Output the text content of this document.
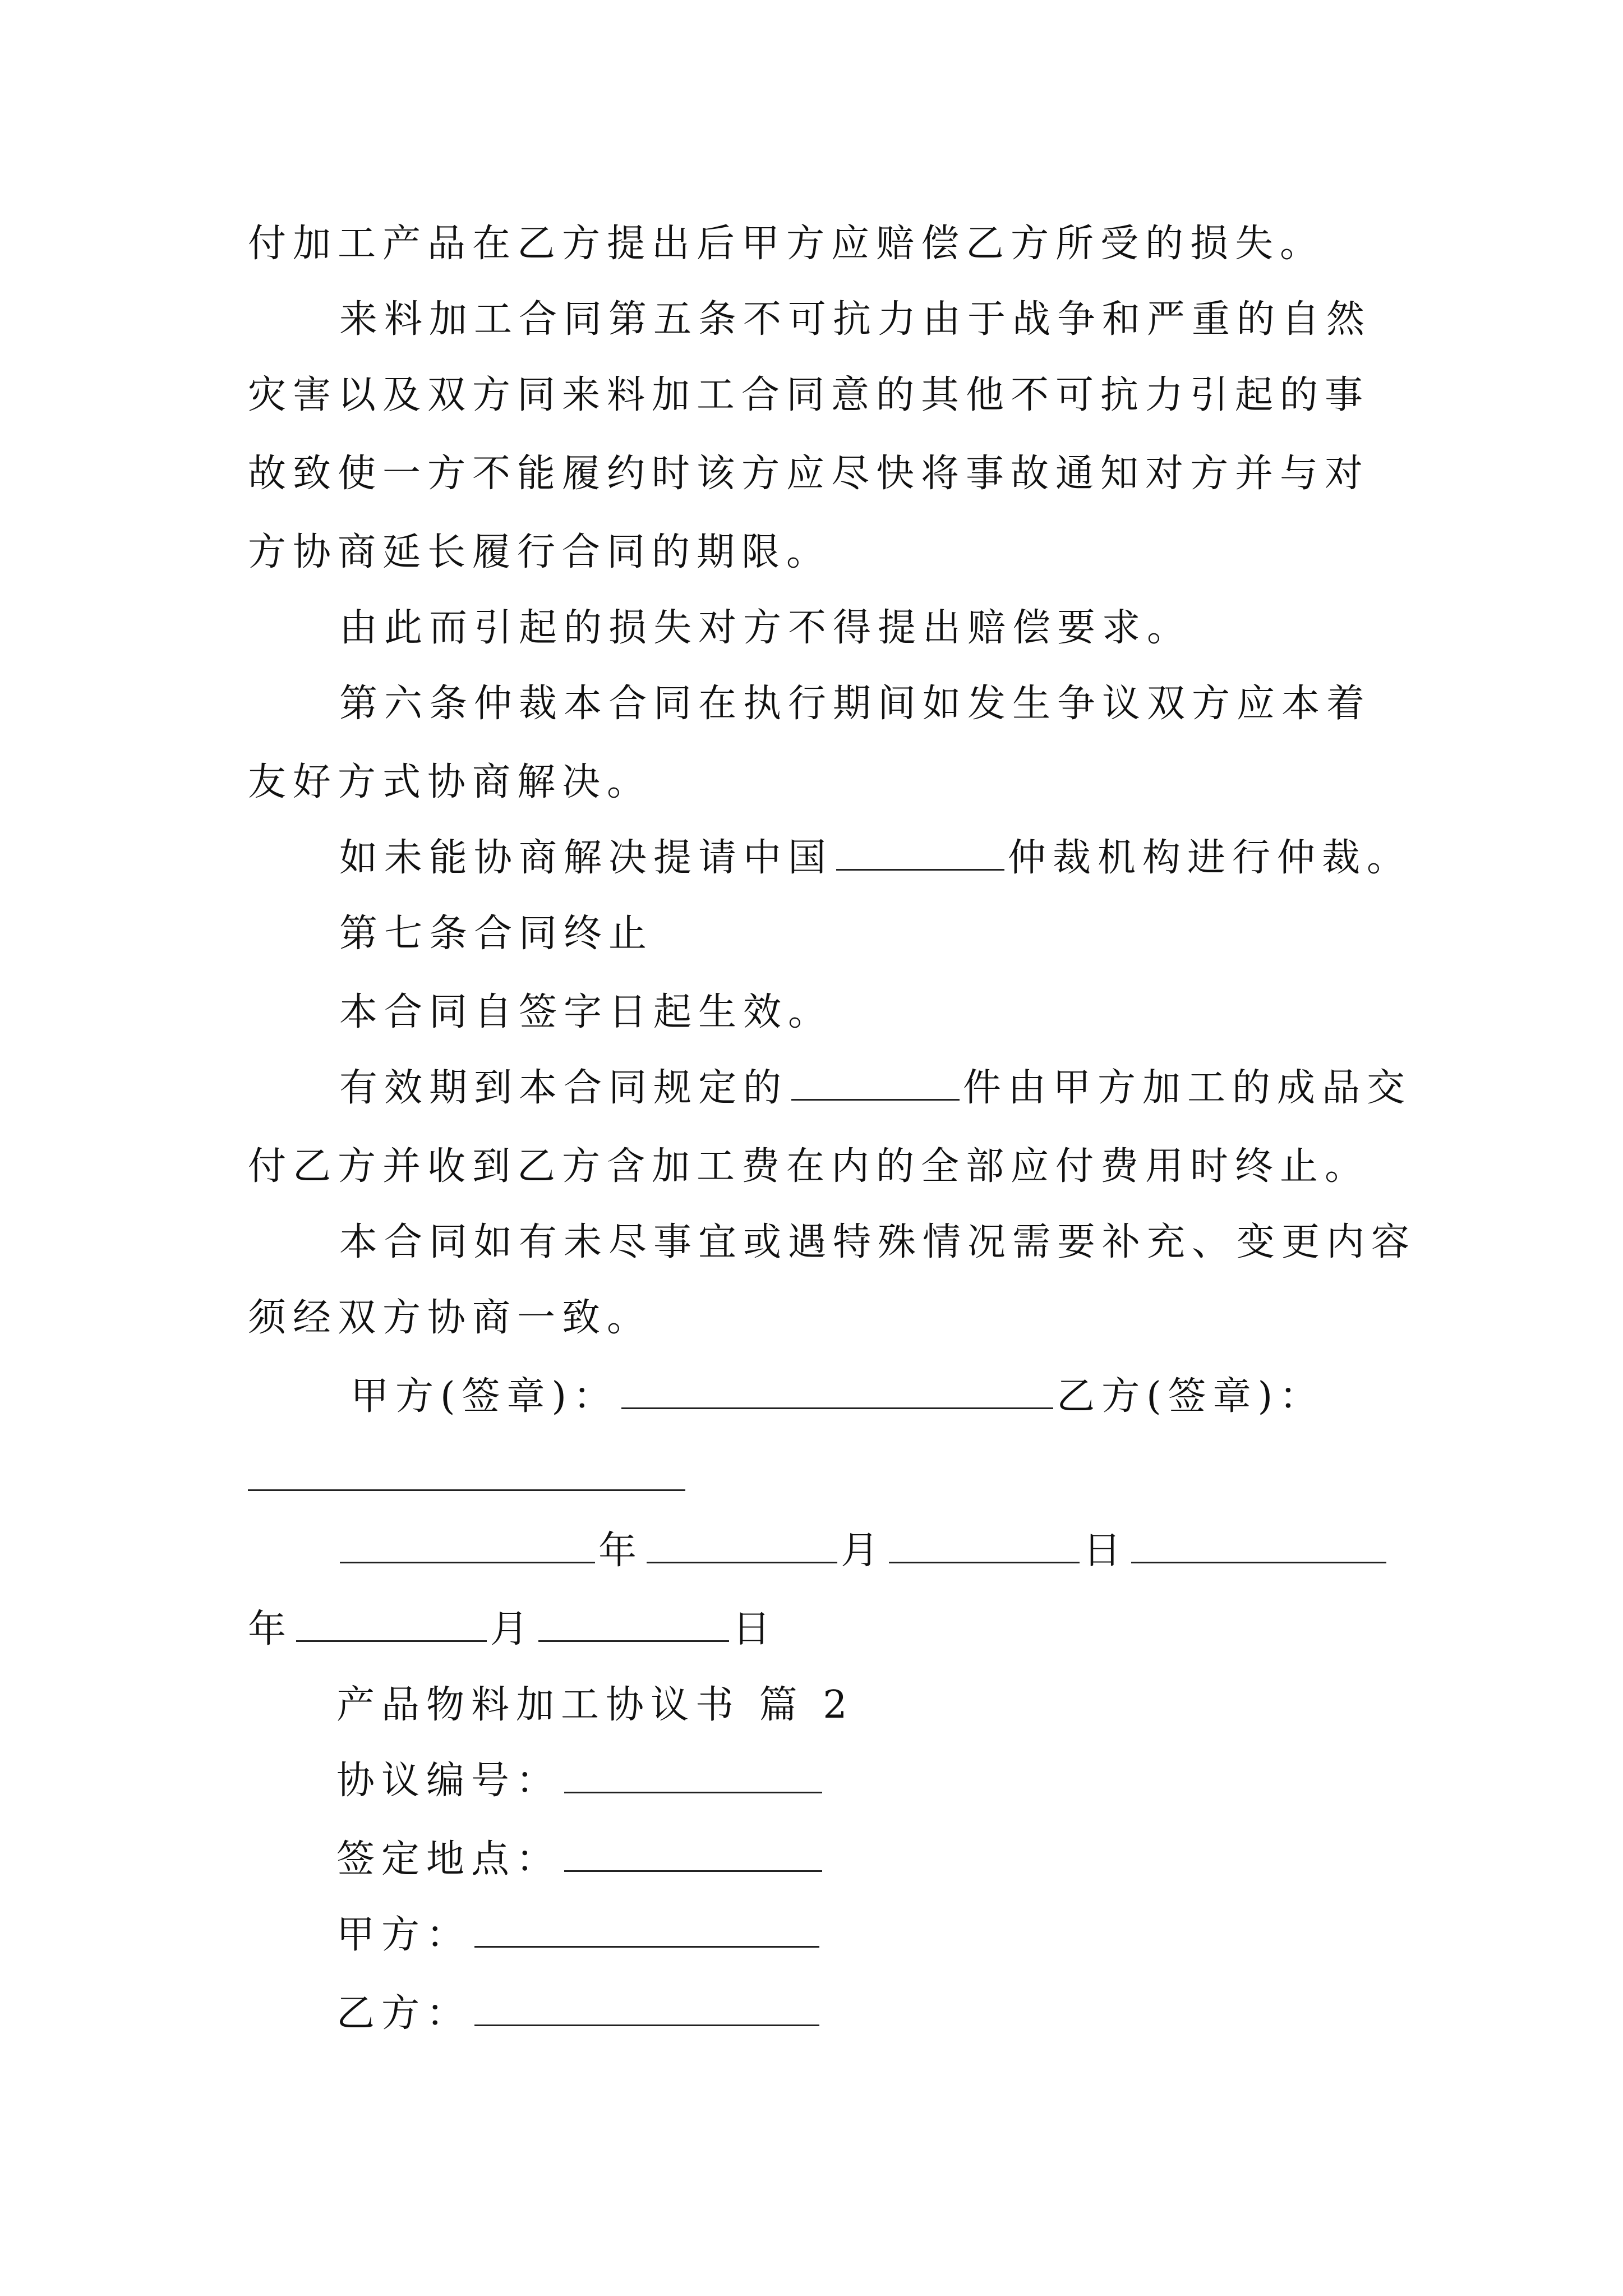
付加工产品在乙方提出后甲方应赔偿乙方所受的损失。
来料加工合同第五条不可抗力由于战争和严重的自然
灾害以及双方同来料加工合同意的其他不可抗力引起的事
故致使一方不能履约时该方应尽快将事故通知对方并与对
方协商延长履行合同的期限。
由此而引起的损失对方不得提出赔偿要求。
第六条仲裁本合同在执行期间如发生争议双方应本着
友好方式协商解决。
如未能协商解决提请中国	仲裁机构进行仲裁。
第七条合同终止
本合同自签字日起生效。
有效期到本合同规定的	件由甲方加工的成品交
付乙方并收到乙方含加工费在内的全部应付费用时终止。
本合同如有未尽事宜或遇特殊情况需要补充、变更内容
须经双方协商一致。
甲方(签章)：	乙方(签章)：
年	月	日
年	月	日
产品物料加工协议书 篇 2
协议编号：
签定地点：
甲方：
乙方：
